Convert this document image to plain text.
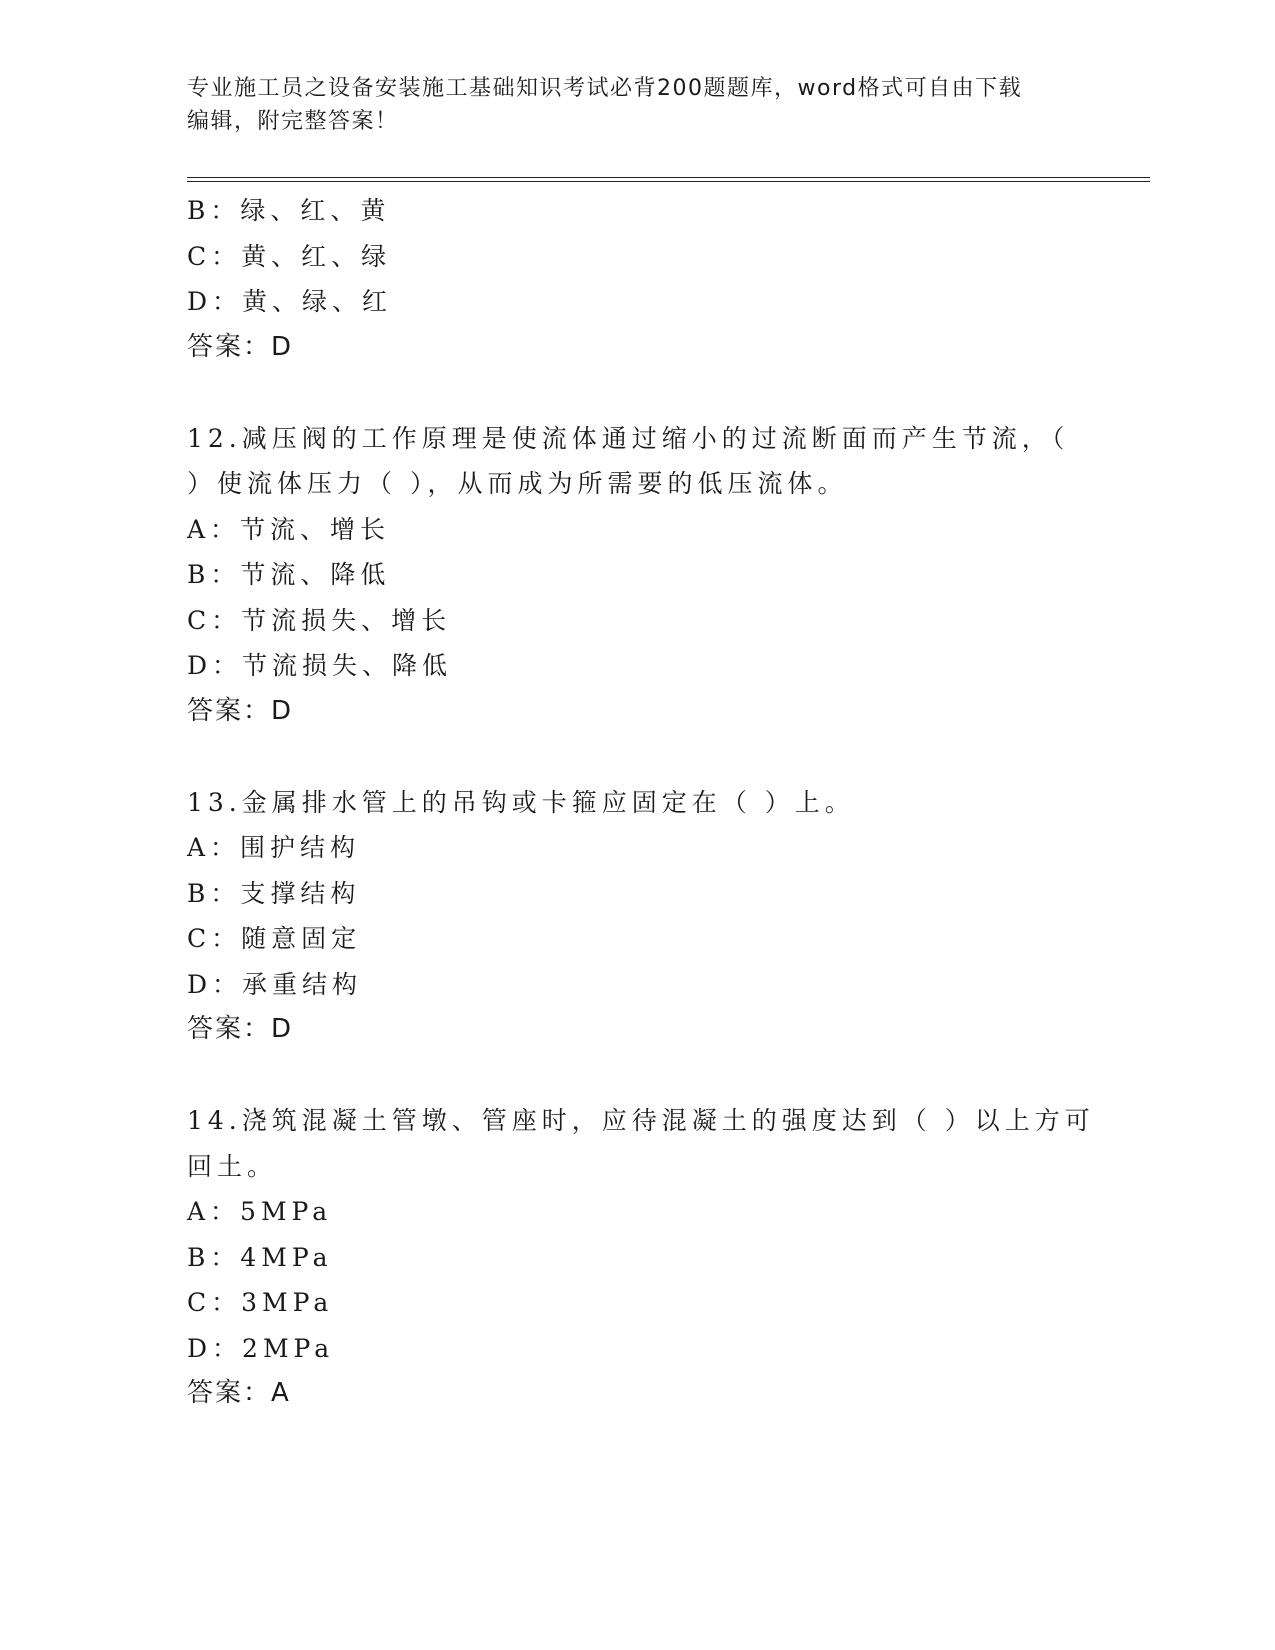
专业施工员之设备安装施工基础知识考试必背200题题库，word格式可自由下载
编辑，附完整答案！
B：绿、红、黄
C：黄、红、绿
D：黄、绿、红
答案：D
12.减压阀的工作原理是使流体通过缩小的过流断面而产生节流，（
）使流体压力（ ），从而成为所需要的低压流体。
A：节流、增长
B：节流、降低
C：节流损失、增长
D：节流损失、降低
答案：D
13.金属排水管上的吊钩或卡箍应固定在（ ）上。
A：围护结构
B：支撑结构
C：随意固定
D：承重结构
答案：D
14.浇筑混凝土管墩、管座时，应待混凝土的强度达到（ ）以上方可
回土。
A：5MPa
B：4MPa
C：3MPa
D：2MPa
答案：A
